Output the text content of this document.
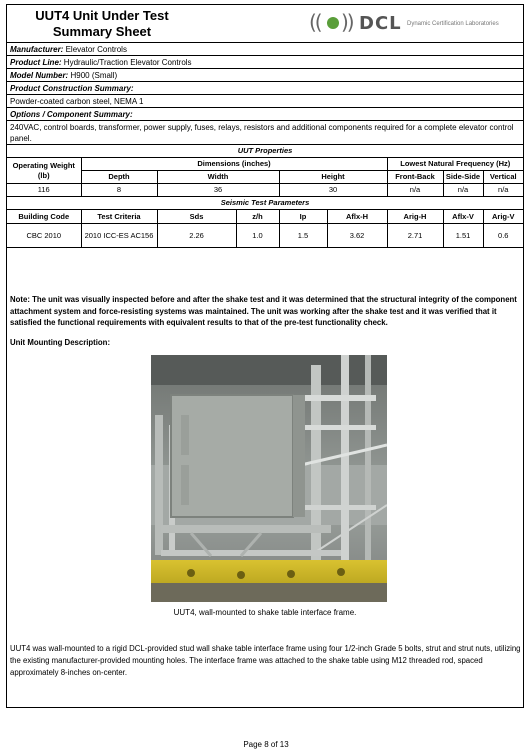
UUT4 Unit Under Test
Summary Sheet	(( )) DCL Dynamic Certification Laboratories
Manufacturer: Elevator Controls
Product Line: Hydraulic/Traction Elevator Controls
Model Number: H900 (Small)
Product Construction Summary:
Powder-coated carbon steel, NEMA 1
Options / Component Summary:
240VAC, control boards, transformer, power supply, fuses, relays, resistors and additional components required for a complete elevator control panel.
UUT Properties								
Operating Weight (lb)	Dimensions (inches)					Lowest Natural Frequency (Hz)		
	Depth	Width		Height		Front-Back	Side-Side	Vertical
116	8	36		30		n/a	n/a	n/a
Seismic Test Parameters								
Building Code	Test Criteria	Sds	z/h	Ip	Aflx-H	Arig-H	Aflx-V	Arig-V
CBC 2010	2010 ICC-ES AC156	2.26	1.0	1.5	3.62	2.71	1.51	0.6
Note: The unit was visually inspected before and after the shake test and it was determined that the structural integrity of the component attachment system and force-resisting systems was maintained. The unit was working after the shake test and it was verified that it satisfied the functional requirements with equivalent results to that of the pre-test functionality check.
Unit Mounting Description:
UUT4, wall-mounted to shake table interface frame.
UUT4 was wall-mounted to a rigid DCL-provided stud wall shake table interface frame using four 1/2-inch Grade 5 bolts, strut and strut nuts, utilizing the existing manufacturer-provided mounting holes. The interface frame was attached to the shake table using M12 threaded rod, spaced approximately 8-inches on-center.
Page 8 of 13
